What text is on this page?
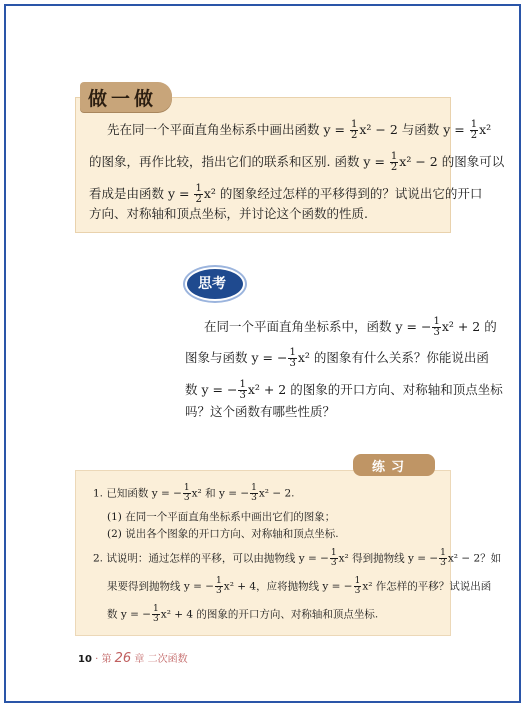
做一做
先在同一个平面直角坐标系中画出函数 $y = \frac{1}{2} x^2 - 2$ 与函数 $y = \frac{1}{2} x^2$
的图象，再作比较，指出它们的联系和区别. 函数 $y = \frac{1}{2} x^2 - 2$ 的图象可以
看成是由函数 $y = \frac{1}{2} x^2$ 的图象经过怎样的平移得到的？试说出它的开口
方向、对称轴和顶点坐标，并讨论这个函数的性质.
思考
在同一个平面直角坐标系中，函数 y = − $\frac{1}{3} x^2 + 2$ 的
图象与函数 y = − $\frac{1}{3} x^2$ 的图象有什么关系？你能说出函
数 y = − $\frac{1}{3} x^2 + 2$ 的图象的开口方向、对称轴和顶点坐标
吗？这个函数有哪些性质？
练习
1. 已知函数 y = − $\frac{1}{3} x^2$ 和 y = − $\frac{1}{3} x^2 - 2$.
(1) 在同一个平面直角坐标系中画出它们的图象；
(2) 说出各个图象的开口方向、对称轴和顶点坐标.
2. 试说明：通过怎样的平移，可以由抛物线 y = − $\frac{1}{3} x^2$ 得到抛物线 y = − $\frac{1}{3} x^2 - 2$？如
果要得到抛物线 y = − $\frac{1}{3} x^2 + 4$，应将抛物线 y = − $\frac{1}{3} x^2$ 作怎样的平移？试说出函
数 y = − $\frac{1}{3} x^2 + 4$ 的图象的开口方向、对称轴和顶点坐标.
10 · 第 26 章 二次函数
